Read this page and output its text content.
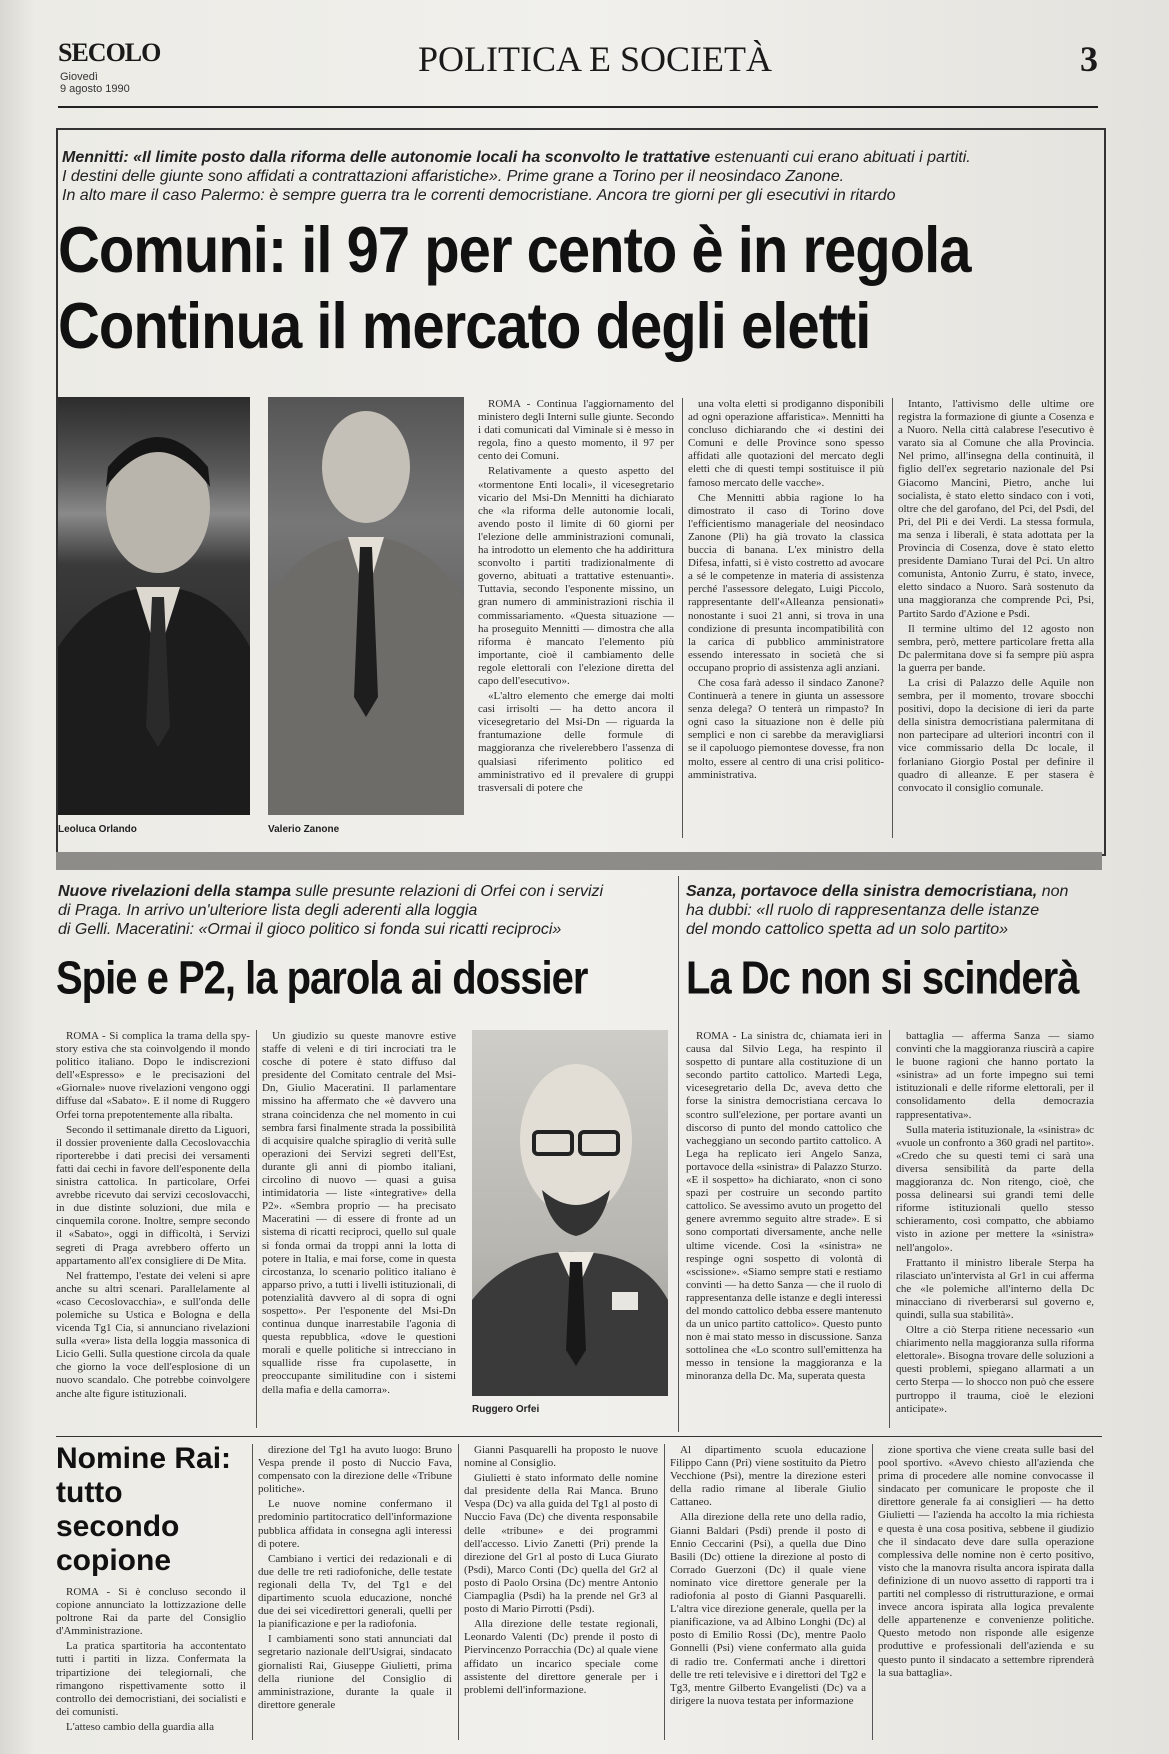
SECOLO
Giovedì
9 agosto 1990
POLITICA E SOCIETÀ	3
Mennitti: «Il limite posto dalla riforma delle autonomie locali ha sconvolto le trattative estenuanti cui erano abituati i partiti.
I destini delle giunte sono affidati a contrattazioni affaristiche». Prime grane a Torino per il neosindaco Zanone.
In alto mare il caso Palermo: è sempre guerra tra le correnti democristiane. Ancora tre giorni per gli esecutivi in ritardo
Comuni: il 97 per cento è in regola
Continua il mercato degli eletti
Leoluca Orlando	Valerio Zanone

ROMA - Continua l'aggiornamento del ministero degli Interni sulle giunte. Secondo i dati comunicati dal Viminale si è messo in regola, fino a questo momento, il 97 per cento dei Comuni.

Relativamente a questo aspetto del «tormentone Enti locali», il vicesegretario vicario del Msi-Dn Mennitti ha dichiarato che «la riforma delle autonomie locali, avendo posto il limite di 60 giorni per l'elezione delle amministrazioni comunali, ha introdotto un elemento che ha addirittura sconvolto i partiti tradizionalmente di governo, abituati a trattative estenuanti». Tuttavia, secondo l'esponente missino, un gran numero di amministrazioni rischia il commissariamento. «Questa situazione — ha proseguito Mennitti — dimostra che alla riforma è mancato l'elemento più importante, cioè il cambiamento delle regole elettorali con l'elezione diretta del capo dell'esecutivo».

«L'altro elemento che emerge dai molti casi irrisolti — ha detto ancora il vicesegretario del Msi-Dn — riguarda la frantumazione delle formule di maggioranza che rivelerebbero l'assenza di qualsiasi riferimento politico ed amministrativo ed il prevalere di gruppi trasversali di potere che

una volta eletti si prodiganno disponibili ad ogni operazione affaristica». Mennitti ha concluso dichiarando che «i destini dei Comuni e delle Province sono spesso affidati alle quotazioni del mercato degli eletti che di questi tempi sostituisce il più famoso mercato delle vacche».

Che Mennitti abbia ragione lo ha dimostrato il caso di Torino dove l'efficientismo manageriale del neosindaco Zanone (Pli) ha già trovato la classica buccia di banana. L'ex ministro della Difesa, infatti, si è visto costretto ad avocare a sé le competenze in materia di assistenza perché l'assessore delegato, Luigi Piccolo, rappresentante dell'«Alleanza pensionati» nonostante i suoi 21 anni, si trova in una condizione di presunta incompatibilità con la carica di pubblico amministratore essendo interessato in società che si occupano proprio di assistenza agli anziani.

Che cosa farà adesso il sindaco Zanone? Continuerà a tenere in giunta un assessore senza delega? O tenterà un rimpasto? In ogni caso la situazione non è delle più semplici e non ci sarebbe da meravigliarsi se il capoluogo piemontese dovesse, fra non molto, essere al centro di una crisi politico-amministrativa.

Intanto, l'attivismo delle ultime ore registra la formazione di giunte a Cosenza e a Nuoro. Nella città calabrese l'esecutivo è varato sia al Comune che alla Provincia. Nel primo, all'insegna della continuità, il figlio dell'ex segretario nazionale del Psi Giacomo Mancini, Pietro, anche lui socialista, è stato eletto sindaco con i voti, oltre che del garofano, del Pci, del Psdi, del Pri, del Pli e dei Verdi. La stessa formula, ma senza i liberali, è stata adottata per la Provincia di Cosenza, dove è stato eletto presidente Damiano Turai del Pci. Un altro comunista, Antonio Zurru, è stato, invece, eletto sindaco a Nuoro. Sarà sostenuto da una maggioranza che comprende Pci, Psi, Partito Sardo d'Azione e Psdi.

Il termine ultimo del 12 agosto non sembra, però, mettere particolare fretta alla Dc palermitana dove si fa sempre più aspra la guerra per bande.

La crisi di Palazzo delle Aquile non sembra, per il momento, trovare sbocchi positivi, dopo la decisione di ieri da parte della sinistra democristiana palermitana di non partecipare ad ulteriori incontri con il vice commissario della Dc locale, il forlaniano Giorgio Postal per definire il quadro di alleanze. E per stasera è convocato il consiglio comunale.

Nuove rivelazioni della stampa sulle presunte relazioni di Orfei con i servizi
di Praga. In arrivo un'ulteriore lista degli aderenti alla loggia
di Gelli. Maceratini: «Ormai il gioco politico si fonda sui ricatti reciproci»
Spie e P2, la parola ai dossier

ROMA - Si complica la trama della spy-story estiva che sta coinvolgendo il mondo politico italiano. Dopo le indiscrezioni dell'«Espresso» e le precisazioni del «Giornale» nuove rivelazioni vengono oggi diffuse dal «Sabato». E il nome di Ruggero Orfei torna prepotentemente alla ribalta.

Secondo il settimanale diretto da Liguori, il dossier proveniente dalla Cecoslovacchia riporterebbe i dati precisi dei versamenti fatti dai cechi in favore dell'esponente della sinistra cattolica. In particolare, Orfei avrebbe ricevuto dai servizi cecoslovacchi, in due distinte soluzioni, due mila e cinquemila corone. Inoltre, sempre secondo il «Sabato», oggi in difficoltà, i Servizi segreti di Praga avrebbero offerto un appartamento all'ex consigliere di De Mita.

Nel frattempo, l'estate dei veleni si apre anche su altri scenari. Parallelamente al «caso Cecoslovacchia», e sull'onda delle polemiche su Ustica e Bologna e della vicenda Tg1 Cia, si annunciano rivelazioni sulla «vera» lista della loggia massonica di Licio Gelli. Sulla questione circola da quale che giorno la voce dell'esplosione di un nuovo scandalo. Che potrebbe coinvolgere anche alte figure istituzionali.

Un giudizio su queste manovre estive staffe di veleni e di tiri incrociati tra le cosche di potere è stato diffuso dal presidente del Comitato centrale del Msi-Dn, Giulio Maceratini. Il parlamentare missino ha affermato che «è davvero una strana coincidenza che nel momento in cui sembra farsi finalmente strada la possibilità di acquisire qualche spiraglio di verità sulle operazioni dei Servizi segreti dell'Est, durante gli anni di piombo italiani, circolino di nuovo — quasi a guisa intimidatoria — liste «integrative» della P2». «Sembra proprio — ha precisato Maceratini — di essere di fronte ad un sistema di ricatti reciproci, quello sul quale si fonda ormai da troppi anni la lotta di potere in Italia, e mai forse, come in questa circostanza, lo scenario politico italiano è apparso privo, a tutti i livelli istituzionali, di potenzialità davvero al di sopra di ogni sospetto». Per l'esponente del Msi-Dn continua dunque inarrestabile l'agonia di questa repubblica, «dove le questioni morali e quelle politiche si intrecciano in squallide risse fra cupolasette, in preoccupante similitudine con i sistemi della mafia e della camorra».

Ruggero Orfei
Sanza, portavoce della sinistra democristiana, non
ha dubbi: «Il ruolo di rappresentanza delle istanze
del mondo cattolico spetta ad un solo partito»
La Dc non si scinderà

ROMA - La sinistra dc, chiamata ieri in causa dal Silvio Lega, ha respinto il sospetto di puntare alla costituzione di un secondo partito cattolico. Martedì Lega, vicesegretario della Dc, aveva detto che forse la sinistra democristiana cercava lo scontro sull'elezione, per portare avanti un discorso di punto del mondo cattolico che vacheggiano un secondo partito cattolico. A Lega ha replicato ieri Angelo Sanza, portavoce della «sinistra» di Palazzo Sturzo. «E il sospetto» ha dichiarato, «non ci sono spazi per costruire un secondo partito cattolico. Se avessimo avuto un progetto del genere avremmo seguito altre strade». E si sono comportati diversamente, anche nelle ultime vicende. Così la «sinistra» ne respinge ogni sospetto di volontà di «scissione». «Siamo sempre stati e restiamo convinti — ha detto Sanza — che il ruolo di rappresentanza delle istanze e degli interessi del mondo cattolico debba essere mantenuto da un unico partito cattolico». Questo punto non è mai stato messo in discussione. Sanza sottolinea che «Lo scontro sull'emittenza ha messo in tensione la maggioranza e la minoranza della Dc. Ma, superata questa

battaglia — afferma Sanza — siamo convinti che la maggioranza riuscirà a capire le buone ragioni che hanno portato la «sinistra» ad un forte impegno sui temi istituzionali e delle riforme elettorali, per il consolidamento della democrazia rappresentativa».

Sulla materia istituzionale, la «sinistra» dc «vuole un confronto a 360 gradi nel partito». «Credo che su questi temi ci sarà una diversa sensibilità da parte della maggioranza dc. Non ritengo, cioè, che possa delinearsi sui grandi temi delle riforme istituzionali quello stesso schieramento, così compatto, che abbiamo visto in azione per mettere la «sinistra» nell'angolo».

Frattanto il ministro liberale Sterpa ha rilasciato un'intervista al Gr1 in cui afferma che «le polemiche all'interno della Dc minacciano di riverberarsi sul governo e, quindi, sulla sua stabilità».

Oltre a ciò Sterpa ritiene necessario «un chiarimento nella maggioranza sulla riforma elettorale». Bisogna trovare delle soluzioni a questi problemi, spiegano allarmati a un certo Sterpa — lo shocco non può che essere purtroppo il trauma, cioè le elezioni anticipate».

Nomine Rai:
tutto
secondo
copione

ROMA - Si è concluso secondo il copione annunciato la lottizzazione delle poltrone Rai da parte del Consiglio d'Amministrazione.

La pratica spartitoria ha accontentato tutti i partiti in lizza. Confermata la tripartizione dei telegiornali, che rimangono rispettivamente sotto il controllo dei democristiani, dei socialisti e dei comunisti.

L'atteso cambio della guardia alla

direzione del Tg1 ha avuto luogo: Bruno Vespa prende il posto di Nuccio Fava, compensato con la direzione delle «Tribune politiche».

Le nuove nomine confermano il predominio partitocratico dell'informazione pubblica affidata in consegna agli interessi di potere.

Cambiano i vertici dei redazionali e di due delle tre reti radiofoniche, delle testate regionali della Tv, del Tg1 e del dipartimento scuola educazione, nonché due dei sei vicedirettori generali, quelli per la pianificazione e per la radiofonia.

I cambiamenti sono stati annunciati dal segretario nazionale dell'Usigrai, sindacato giornalisti Rai, Giuseppe Giulietti, prima della riunione del Consiglio di amministrazione, durante la quale il direttore generale

Gianni Pasquarelli ha proposto le nuove nomine al Consiglio.

Giulietti è stato informato delle nomine dal presidente della Rai Manca. Bruno Vespa (Dc) va alla guida del Tg1 al posto di Nuccio Fava (Dc) che diventa responsabile delle «tribune» e dei programmi dell'accesso. Livio Zanetti (Pri) prende la direzione del Gr1 al posto di Luca Giurato (Psdi), Marco Conti (Dc) quella del Gr2 al posto di Paolo Orsina (Dc) mentre Antonio Ciampaglia (Psdi) ha la prende nel Gr3 al posto di Mario Pirrotti (Psdi).

Alla direzione delle testate regionali, Leonardo Valenti (Dc) prende il posto di Piervincenzo Porracchia (Dc) al quale viene affidato un incarico speciale come assistente del direttore generale per i problemi dell'informazione.

Al dipartimento scuola educazione Filippo Cann (Pri) viene sostituito da Pietro Vecchione (Psi), mentre la direzione esteri della radio rimane al liberale Giulio Cattaneo.

Alla direzione della rete uno della radio, Gianni Baldari (Psdi) prende il posto di Ennio Ceccarini (Psi), a quella due Dino Basili (Dc) ottiene la direzione al posto di Corrado Guerzoni (Dc) il quale viene nominato vice direttore generale per la radiofonia al posto di Gianni Pasquarelli. L'altra vice direzione generale, quella per la pianificazione, va ad Albino Longhi (Dc) al posto di Emilio Rossi (Dc), mentre Paolo Gonnelli (Psi) viene confermato alla guida di radio tre. Confermati anche i direttori delle tre reti televisive e i direttori del Tg2 e Tg3, mentre Gilberto Evangelisti (Dc) va a dirigere la nuova testata per informazione

zione sportiva che viene creata sulle basi del pool sportivo. «Avevo chiesto all'azienda che prima di procedere alle nomine convocasse il sindacato per comunicare le proposte che il direttore generale fa ai consiglieri — ha detto Giulietti — l'azienda ha accolto la mia richiesta e questa è una cosa positiva, sebbene il giudizio che il sindacato deve dare sulla operazione complessiva delle nomine non è certo positivo, visto che la manovra risulta ancora ispirata dalla definizione di un nuovo assetto di rapporti tra i partiti nel complesso di ristrutturazione, e ormai invece ancora ispirata alla logica prevalente delle appartenenze e convenienze politiche. Questo metodo non risponde alle esigenze produttive e professionali dell'azienda e su questo punto il sindacato a settembre riprenderà la sua battaglia».
